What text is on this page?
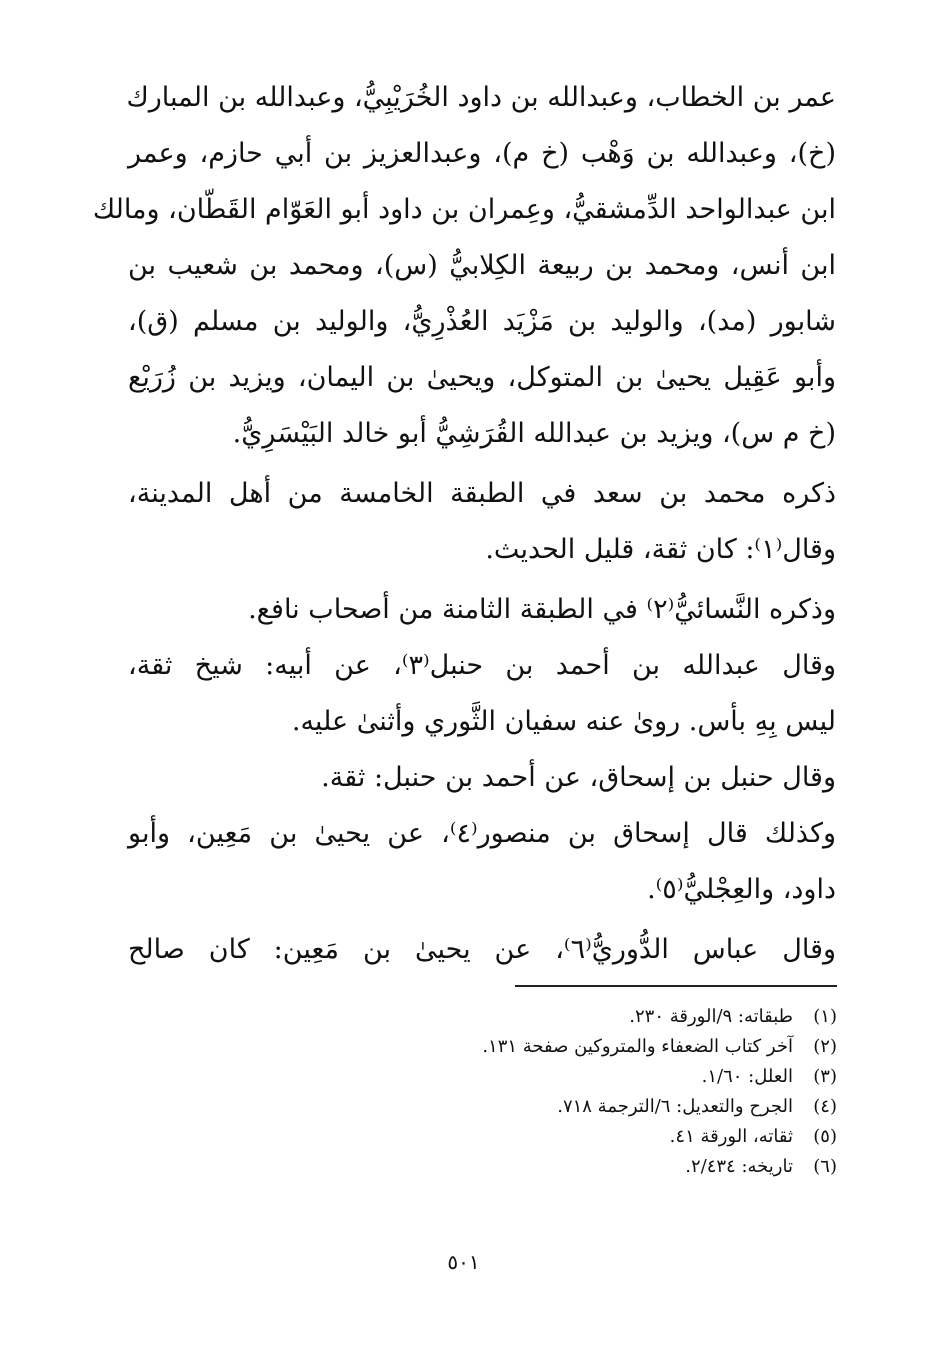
عمر بن الخطاب، وعبدالله بن داود الخُرَيْبِيُّ، وعبدالله بن المبارك
(خ)، وعبدالله بن وَهْب (خ م)، وعبدالعزيز بن أبي حازم، وعمر
ابن عبدالواحد الدِّمشقيُّ، وعِمران بن داود أبو العَوّام القَطّان، ومالك
ابن أنس، ومحمد بن ربيعة الكِلابيُّ (س)، ومحمد بن شعيب بن
شابور (مد)، والوليد بن مَزْيَد العُذْرِيُّ، والوليد بن مسلم (ق)،
وأبو عَقِيل يحيىٰ بن المتوكل، ويحيىٰ بن اليمان، ويزيد بن زُرَيْع
(خ م س)، ويزيد بن عبدالله القُرَشِيُّ أبو خالد البَيْسَرِيُّ.
ذكره محمد بن سعد في الطبقة الخامسة من أهل المدينة،
وقال⁽١⁾: كان ثقة، قليل الحديث.
وذكره النَّسائيُّ⁽٢⁾ في الطبقة الثامنة من أصحاب نافع.
وقال عبدالله بن أحمد بن حنبل⁽٣⁾، عن أبيه: شيخ ثقة،
ليس بِهِ بأس. روىٰ عنه سفيان الثَّوري وأثنىٰ عليه.
وقال حنبل بن إسحاق، عن أحمد بن حنبل: ثقة.
وكذلك قال إسحاق بن منصور⁽٤⁾، عن يحيىٰ بن مَعِين، وأبو
داود، والعِجْليُّ⁽٥⁾.
وقال عباس الدُّوريُّ⁽٦⁾، عن يحيىٰ بن مَعِين: كان صالح
(١)طبقاته: ٩/الورقة ٢٣٠.
(٢)آخر كتاب الضعفاء والمتروكين صفحة ١٣١.
(٣)العلل: ١/٦٠.
(٤)الجرح والتعديل: ٦/الترجمة ٧١٨.
(٥)ثقاته، الورقة ٤١.
(٦)تاريخه: ٢/٤٣٤.
٥٠١
